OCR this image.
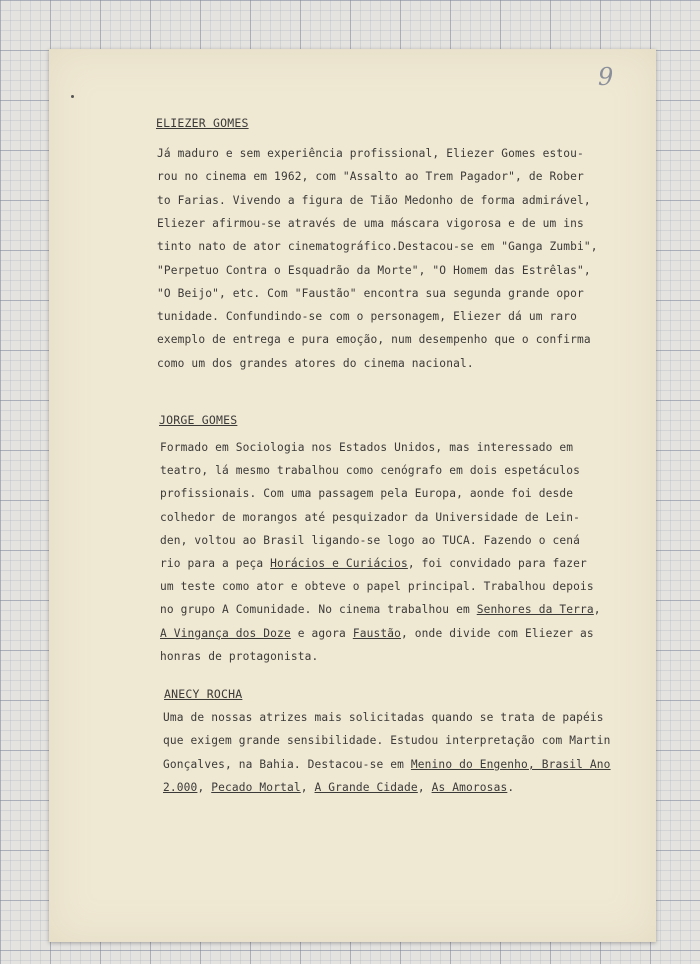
9
ELIEZER GOMES
Já maduro e sem experiência profissional, Eliezer Gomes estou-
rou no cinema em 1962, com "Assalto ao Trem Pagador", de Rober
to Farias. Vivendo a figura de Tião Medonho de forma admirável,
Eliezer afirmou-se através de uma máscara vigorosa e de um ins
tinto nato de ator cinematográfico.Destacou-se em "Ganga Zumbi",
"Perpetuo Contra o Esquadrão da Morte", "O Homem das Estrêlas",
"O Beijo", etc. Com "Faustão" encontra sua segunda grande opor
tunidade. Confundindo-se com o personagem, Eliezer dá um raro
exemplo de entrega e pura emoção, num desempenho que o confirma
como um dos grandes atores do cinema nacional.
JORGE GOMES
Formado em Sociologia nos Estados Unidos, mas interessado em
teatro, lá mesmo trabalhou como cenógrafo em dois espetáculos
profissionais. Com uma passagem pela Europa, aonde foi desde
colhedor de morangos até pesquizador da Universidade de Lein-
den, voltou ao Brasil ligando-se logo ao TUCA. Fazendo o cená
rio para a peça Horácios e Curiácios, foi convidado para fazer
um teste como ator e obteve o papel principal. Trabalhou depois
no grupo A Comunidade. No cinema trabalhou em Senhores da Terra,
A Vingança dos Doze e agora Faustão, onde divide com Eliezer as
honras de protagonista.
ANECY ROCHA
Uma de nossas atrizes mais solicitadas quando se trata de papéis
que exigem grande sensibilidade. Estudou interpretação com Martin
Gonçalves, na Bahia. Destacou-se em Menino do Engenho, Brasil Ano
2.000, Pecado Mortal, A Grande Cidade, As Amorosas.
